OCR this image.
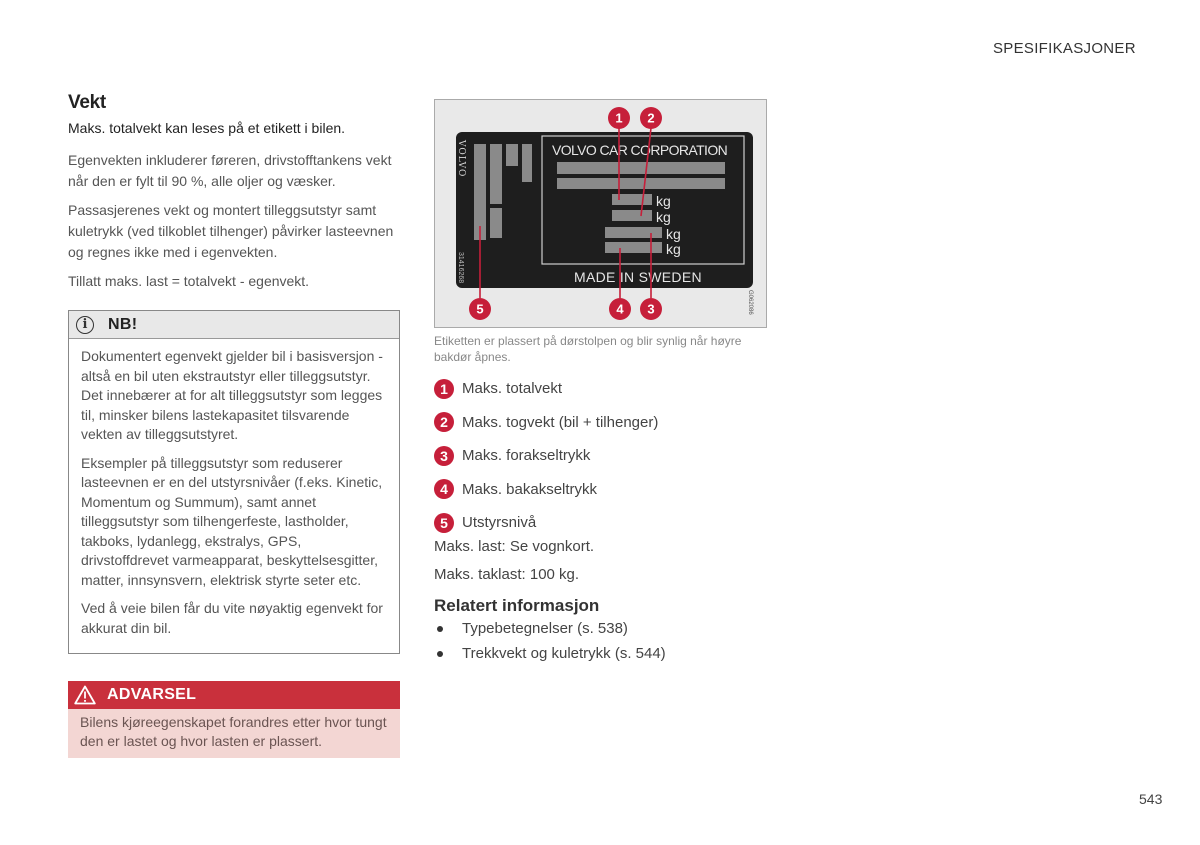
SPESIFIKASJONER
Vekt

Maks. totalvekt kan leses på et etikett i bilen.

Egenvekten inkluderer føreren, drivstofftankens vekt når den er fylt til 90 %, alle oljer og væsker.

Passasjerenes vekt og montert tilleggsutstyr samt kuletrykk (ved tilkoblet tilhenger) påvirker lasteevnen og regnes ikke med i egenvekten.

Tillatt maks. last = totalvekt - egenvekt.

i	NB!

Dokumentert egenvekt gjelder bil i basisversjon - altså en bil uten ekstrautstyr eller tilleggsutstyr. Det innebærer at for alt tilleggsutstyr som legges til, minsker bilens lastekapasitet tilsvarende vekten av tilleggsutstyret.

Eksempler på tilleggsutstyr som reduserer lasteevnen er en del utstyrsnivåer (f.eks. Kinetic, Momentum og Summum), samt annet tilleggsutstyr som tilhengerfeste, lastholder, takboks, lydanlegg, ekstralys, GPS, drivstoffdrevet varmeapparat, beskyttelsesgitter, matter, innsynsvern, elektrisk styrte seter etc.

Ved å veie bilen får du vite nøyaktig egenvekt for akkurat din bil.

ADVARSEL
Bilens kjøreegenskapet forandres etter hvor tungt den er lastet og hvor lasten er plassert.
VOLVO
31416268
VOLVO CAR CORPORATION
kg
kg
kg
kg
MADE IN SWEDEN
1 2
3
4
5	G062086
Etiketten er plassert på dørstolpen og blir synlig når høyre bakdør åpnes.
1 Maks. totalvekt
2 Maks. togvekt (bil + tilhenger)
3 Maks. forakseltrykk
4 Maks. bakakseltrykk
5 Utstyrsnivå
Maks. last: Se vognkort.
Maks. taklast: 100 kg.
Relatert informasjon
Typebetegnelser (s. 538)
Trekkvekt og kuletrykk (s. 544)
543
